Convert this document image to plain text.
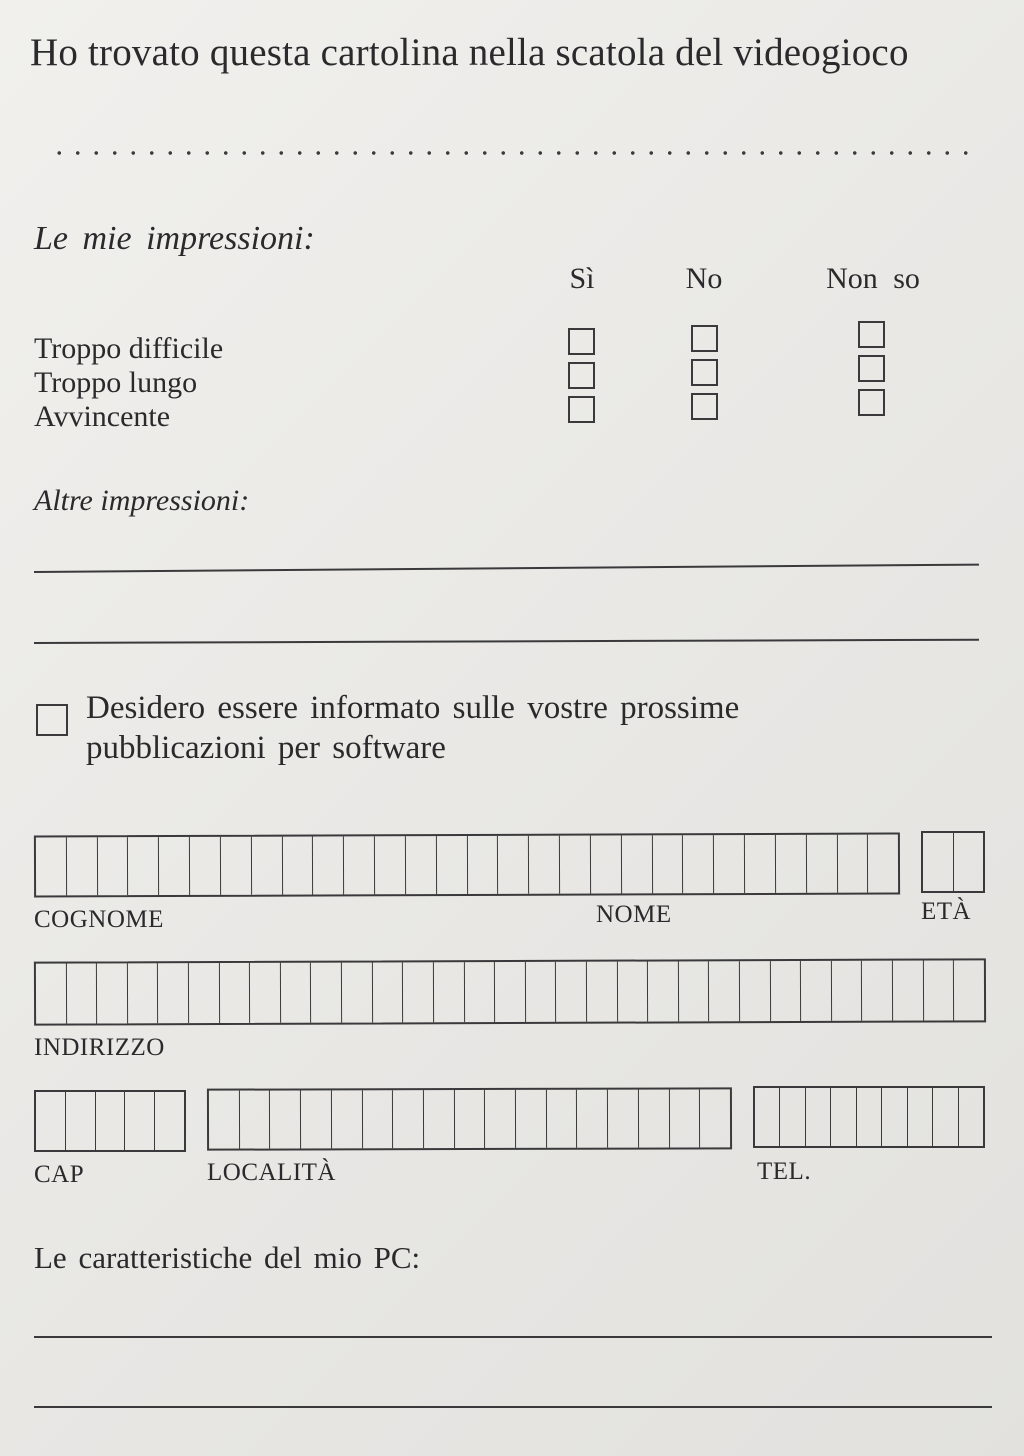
Ho trovato questa cartolina nella scatola del videogioco
Le mie impressioni:
Sì	No	Non so
Troppo difficile
Troppo lungo
Avvincente
Altre impressioni:
Desidero essere informato sulle vostre prossime pubblicazioni per software
COGNOME	NOME	ETÀ
INDIRIZZO
CAP	LOCALITÀ	TEL.
Le caratteristiche del mio PC:
